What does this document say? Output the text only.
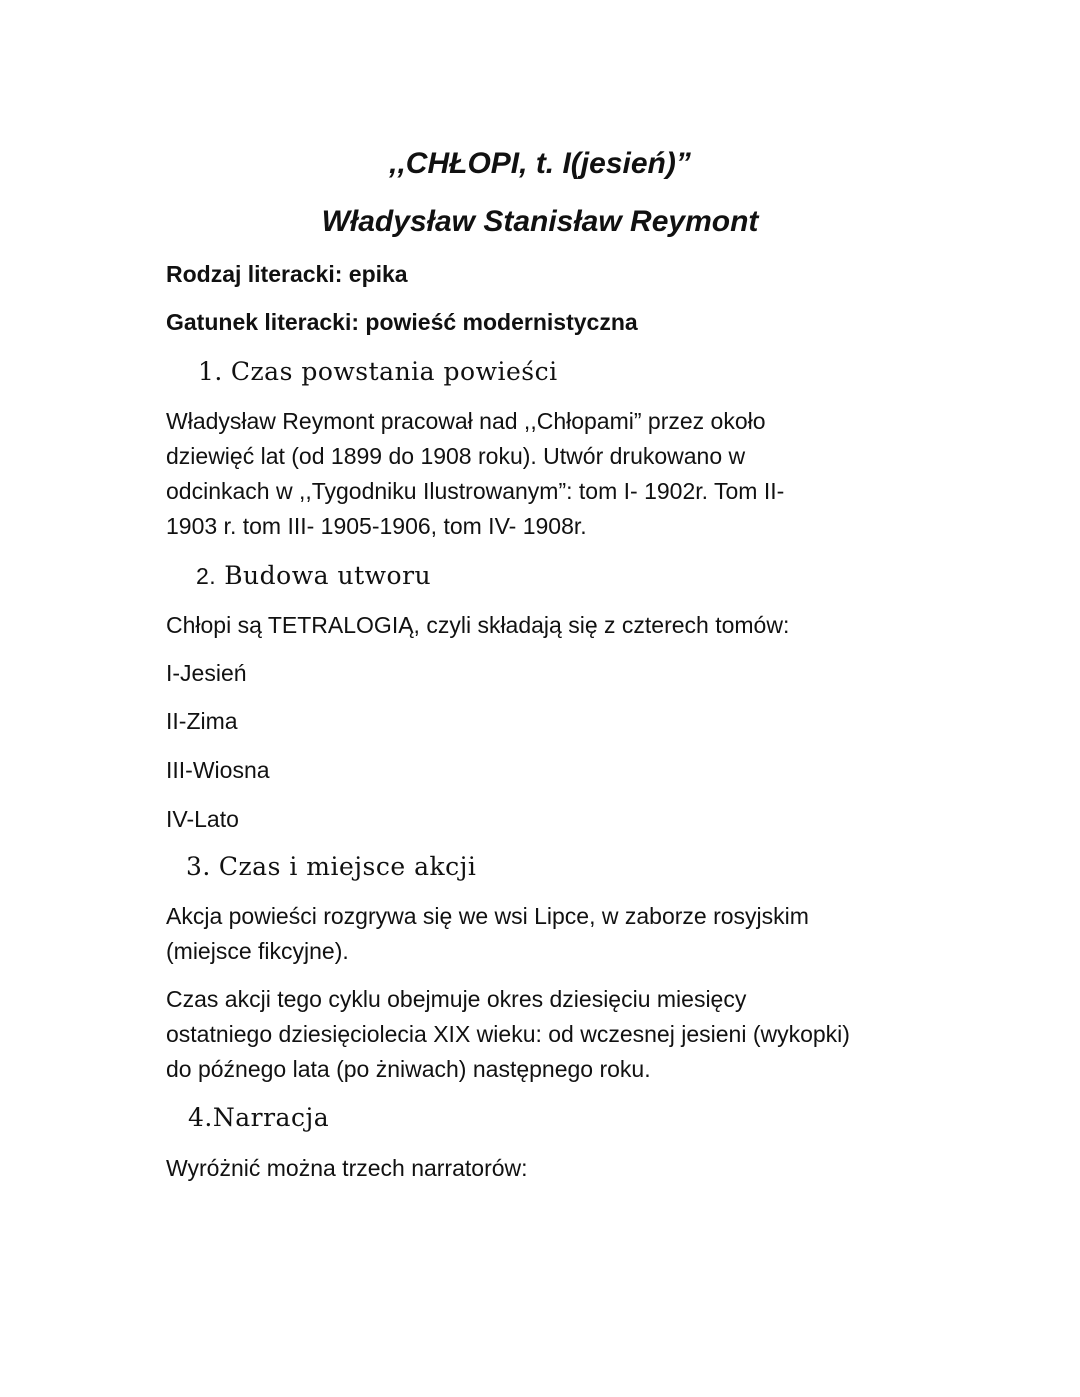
,,CHŁOPI, t. I(jesień)”
Władysław Stanisław Reymont

Rodzaj literacki: epika

Gatunek literacki: powieść modernistyczna

1. Czas powstania powieści

Władysław Reymont pracował nad ,,Chłopami” przez około
dziewięć lat (od 1899 do 1908 roku). Utwór drukowano w
odcinkach w ,,Tygodniku Ilustrowanym”: tom I- 1902r. Tom II-
1903 r. tom III- 1905-1906, tom IV- 1908r.

2. Budowa utworu

Chłopi są TETRALOGIĄ, czyli składają się z czterech tomów:

I-Jesień

II-Zima

III-Wiosna

IV-Lato

3. Czas i miejsce akcji

Akcja powieści rozgrywa się we wsi Lipce, w zaborze rosyjskim
(miejsce fikcyjne).

Czas akcji tego cyklu obejmuje okres dziesięciu miesięcy
ostatniego dziesięciolecia XIX wieku: od wczesnej jesieni (wykopki)
do późnego lata (po żniwach) następnego roku.

4.Narracja

Wyróżnić można trzech narratorów:
